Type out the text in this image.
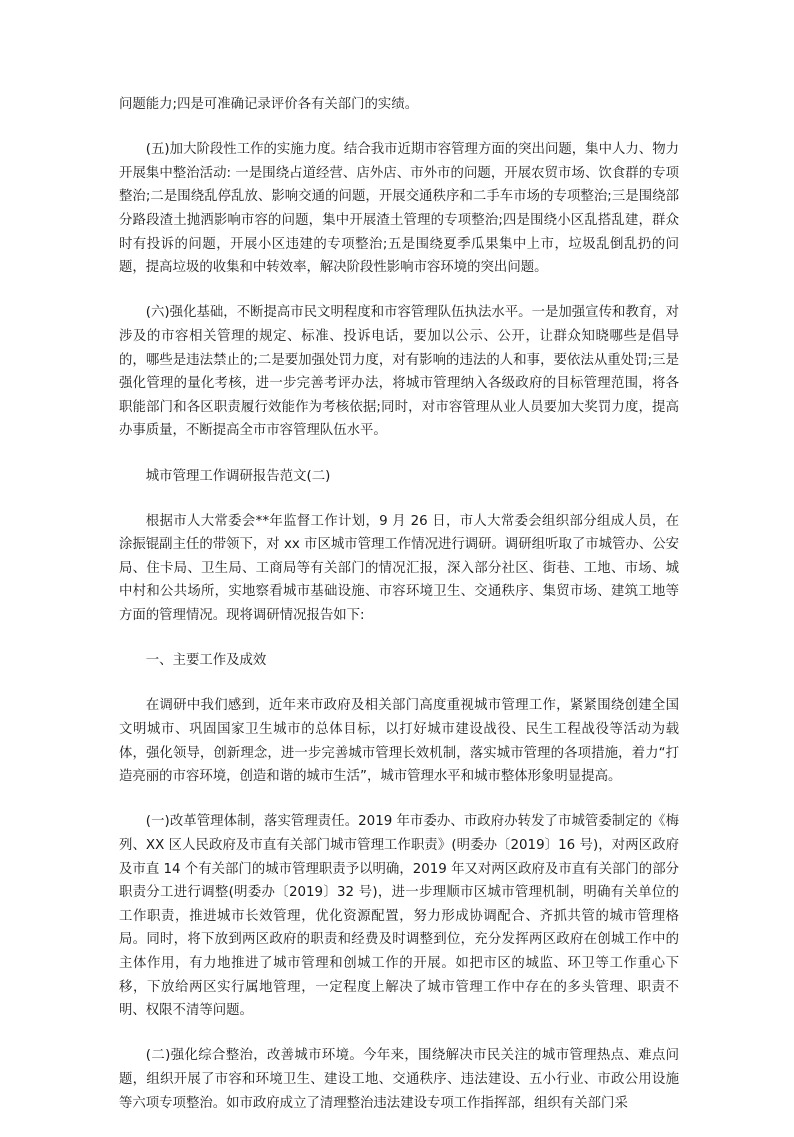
问题能力;四是可准确记录评价各有关部门的实绩。

(五)加大阶段性工作的实施力度。结合我市近期市容管理方面的突出问题，集中人力、物力开展集中整治活动: 一是围绕占道经营、店外店、市外市的问题，开展农贸市场、饮食群的专项整治;二是围绕乱停乱放、影响交通的问题，开展交通秩序和二手车市场的专项整治;三是围绕部分路段渣土抛洒影响市容的问题，集中开展渣土管理的专项整治;四是围绕小区乱搭乱建，群众时有投诉的问题，开展小区违建的专项整治;五是围绕夏季瓜果集中上市，垃圾乱倒乱扔的问题，提高垃圾的收集和中转效率，解决阶段性影响市容环境的突出问题。

(六)强化基础，不断提高市民文明程度和市容管理队伍执法水平。一是加强宣传和教育，对涉及的市容相关管理的规定、标准、投诉电话，要加以公示、公开，让群众知晓哪些是倡导的，哪些是违法禁止的;二是要加强处罚力度，对有影响的违法的人和事，要依法从重处罚;三是强化管理的量化考核，进一步完善考评办法，将城市管理纳入各级政府的目标管理范围，将各职能部门和各区职责履行效能作为考核依据;同时，对市容管理从业人员要加大奖罚力度，提高办事质量，不断提高全市市容管理队伍水平。

城市管理工作调研报告范文(二)

根据市人大常委会**年监督工作计划，9 月 26 日，市人大常委会组织部分组成人员，在涂振锟副主任的带领下，对 xx 市区城市管理工作情况进行调研。调研组听取了市城管办、公安局、住卡局、卫生局、工商局等有关部门的情况汇报，深入部分社区、街巷、工地、市场、城中村和公共场所，实地察看城市基础设施、市容环境卫生、交通秩序、集贸市场、建筑工地等方面的管理情况。现将调研情况报告如下:

一、主要工作及成效

在调研中我们感到，近年来市政府及相关部门高度重视城市管理工作，紧紧围绕创建全国文明城市、巩固国家卫生城市的总体目标，以打好城市建设战役、民生工程战役等活动为载体，强化领导，创新理念，进一步完善城市管理长效机制，落实城市管理的各项措施，着力“打造亮丽的市容环境，创造和谐的城市生活”，城市管理水平和城市整体形象明显提高。

(一)改革管理体制，落实管理责任。2019 年市委办、市政府办转发了市城管委制定的《梅列、XX 区人民政府及市直有关部门城市管理工作职责》(明委办〔2019〕16 号)，对两区政府及市直 14 个有关部门的城市管理职责予以明确，2019 年又对两区政府及市直有关部门的部分职责分工进行调整(明委办〔2019〕32 号)，进一步理顺市区城市管理机制，明确有关单位的工作职责，推进城市长效管理，优化资源配置，努力形成协调配合、齐抓共管的城市管理格局。同时，将下放到两区政府的职责和经费及时调整到位，充分发挥两区政府在创城工作中的主体作用，有力地推进了城市管理和创城工作的开展。如把市区的城监、环卫等工作重心下移，下放给两区实行属地管理，一定程度上解决了城市管理工作中存在的多头管理、职责不明、权限不清等问题。

(二)强化综合整治，改善城市环境。今年来，围绕解决市民关注的城市管理热点、难点问题，组织开展了市容和环境卫生、建设工地、交通秩序、违法建设、五小行业、市政公用设施等六项专项整治。如市政府成立了清理整治违法建设专项工作指挥部，组织有关部门采
